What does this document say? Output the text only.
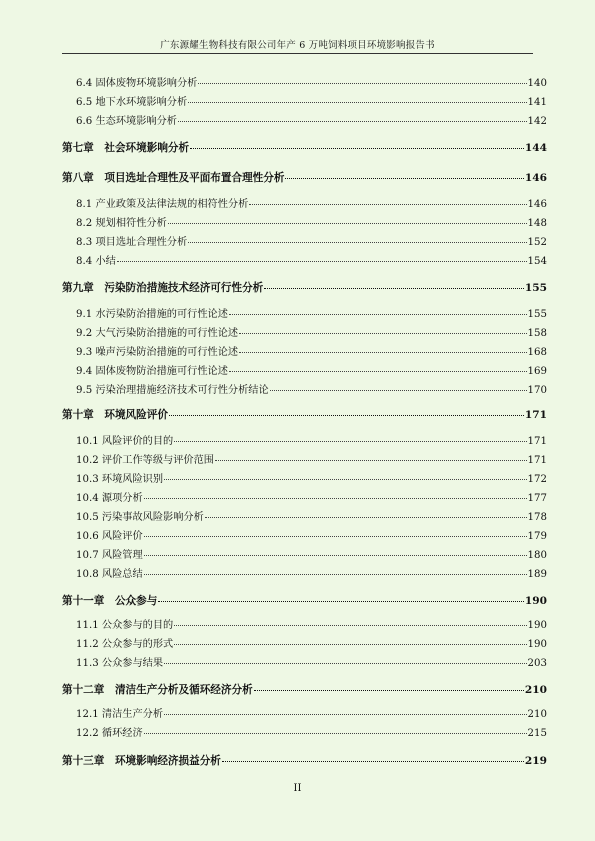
广东源耀生物科技有限公司年产 6 万吨饲料项目环境影响报告书
6.4 固体废物环境影响分析	140
6.5 地下水环境影响分析	141
6.6 生态环境影响分析	142
第七章　社会环境影响分析	144
第八章　项目选址合理性及平面布置合理性分析	146
8.1 产业政策及法律法规的相符性分析	146
8.2 规划相符性分析	148
8.3 项目选址合理性分析	152
8.4 小结	154
第九章　污染防治措施技术经济可行性分析	155
9.1 水污染防治措施的可行性论述	155
9.2 大气污染防治措施的可行性论述	158
9.3 噪声污染防治措施的可行性论述	168
9.4 固体废物防治措施可行性论述	169
9.5 污染治理措施经济技术可行性分析结论	170
第十章　环境风险评价	171
10.1 风险评价的目的	171
10.2 评价工作等级与评价范围	171
10.3 环境风险识别	172
10.4 源项分析	177
10.5 污染事故风险影响分析	178
10.6 风险评价	179
10.7 风险管理	180
10.8 风险总结	189
第十一章　公众参与	190
11.1 公众参与的目的	190
11.2 公众参与的形式	190
11.3 公众参与结果	203
第十二章　清洁生产分析及循环经济分析	210
12.1 清洁生产分析	210
12.2 循环经济	215
第十三章　环境影响经济损益分析	219
II
